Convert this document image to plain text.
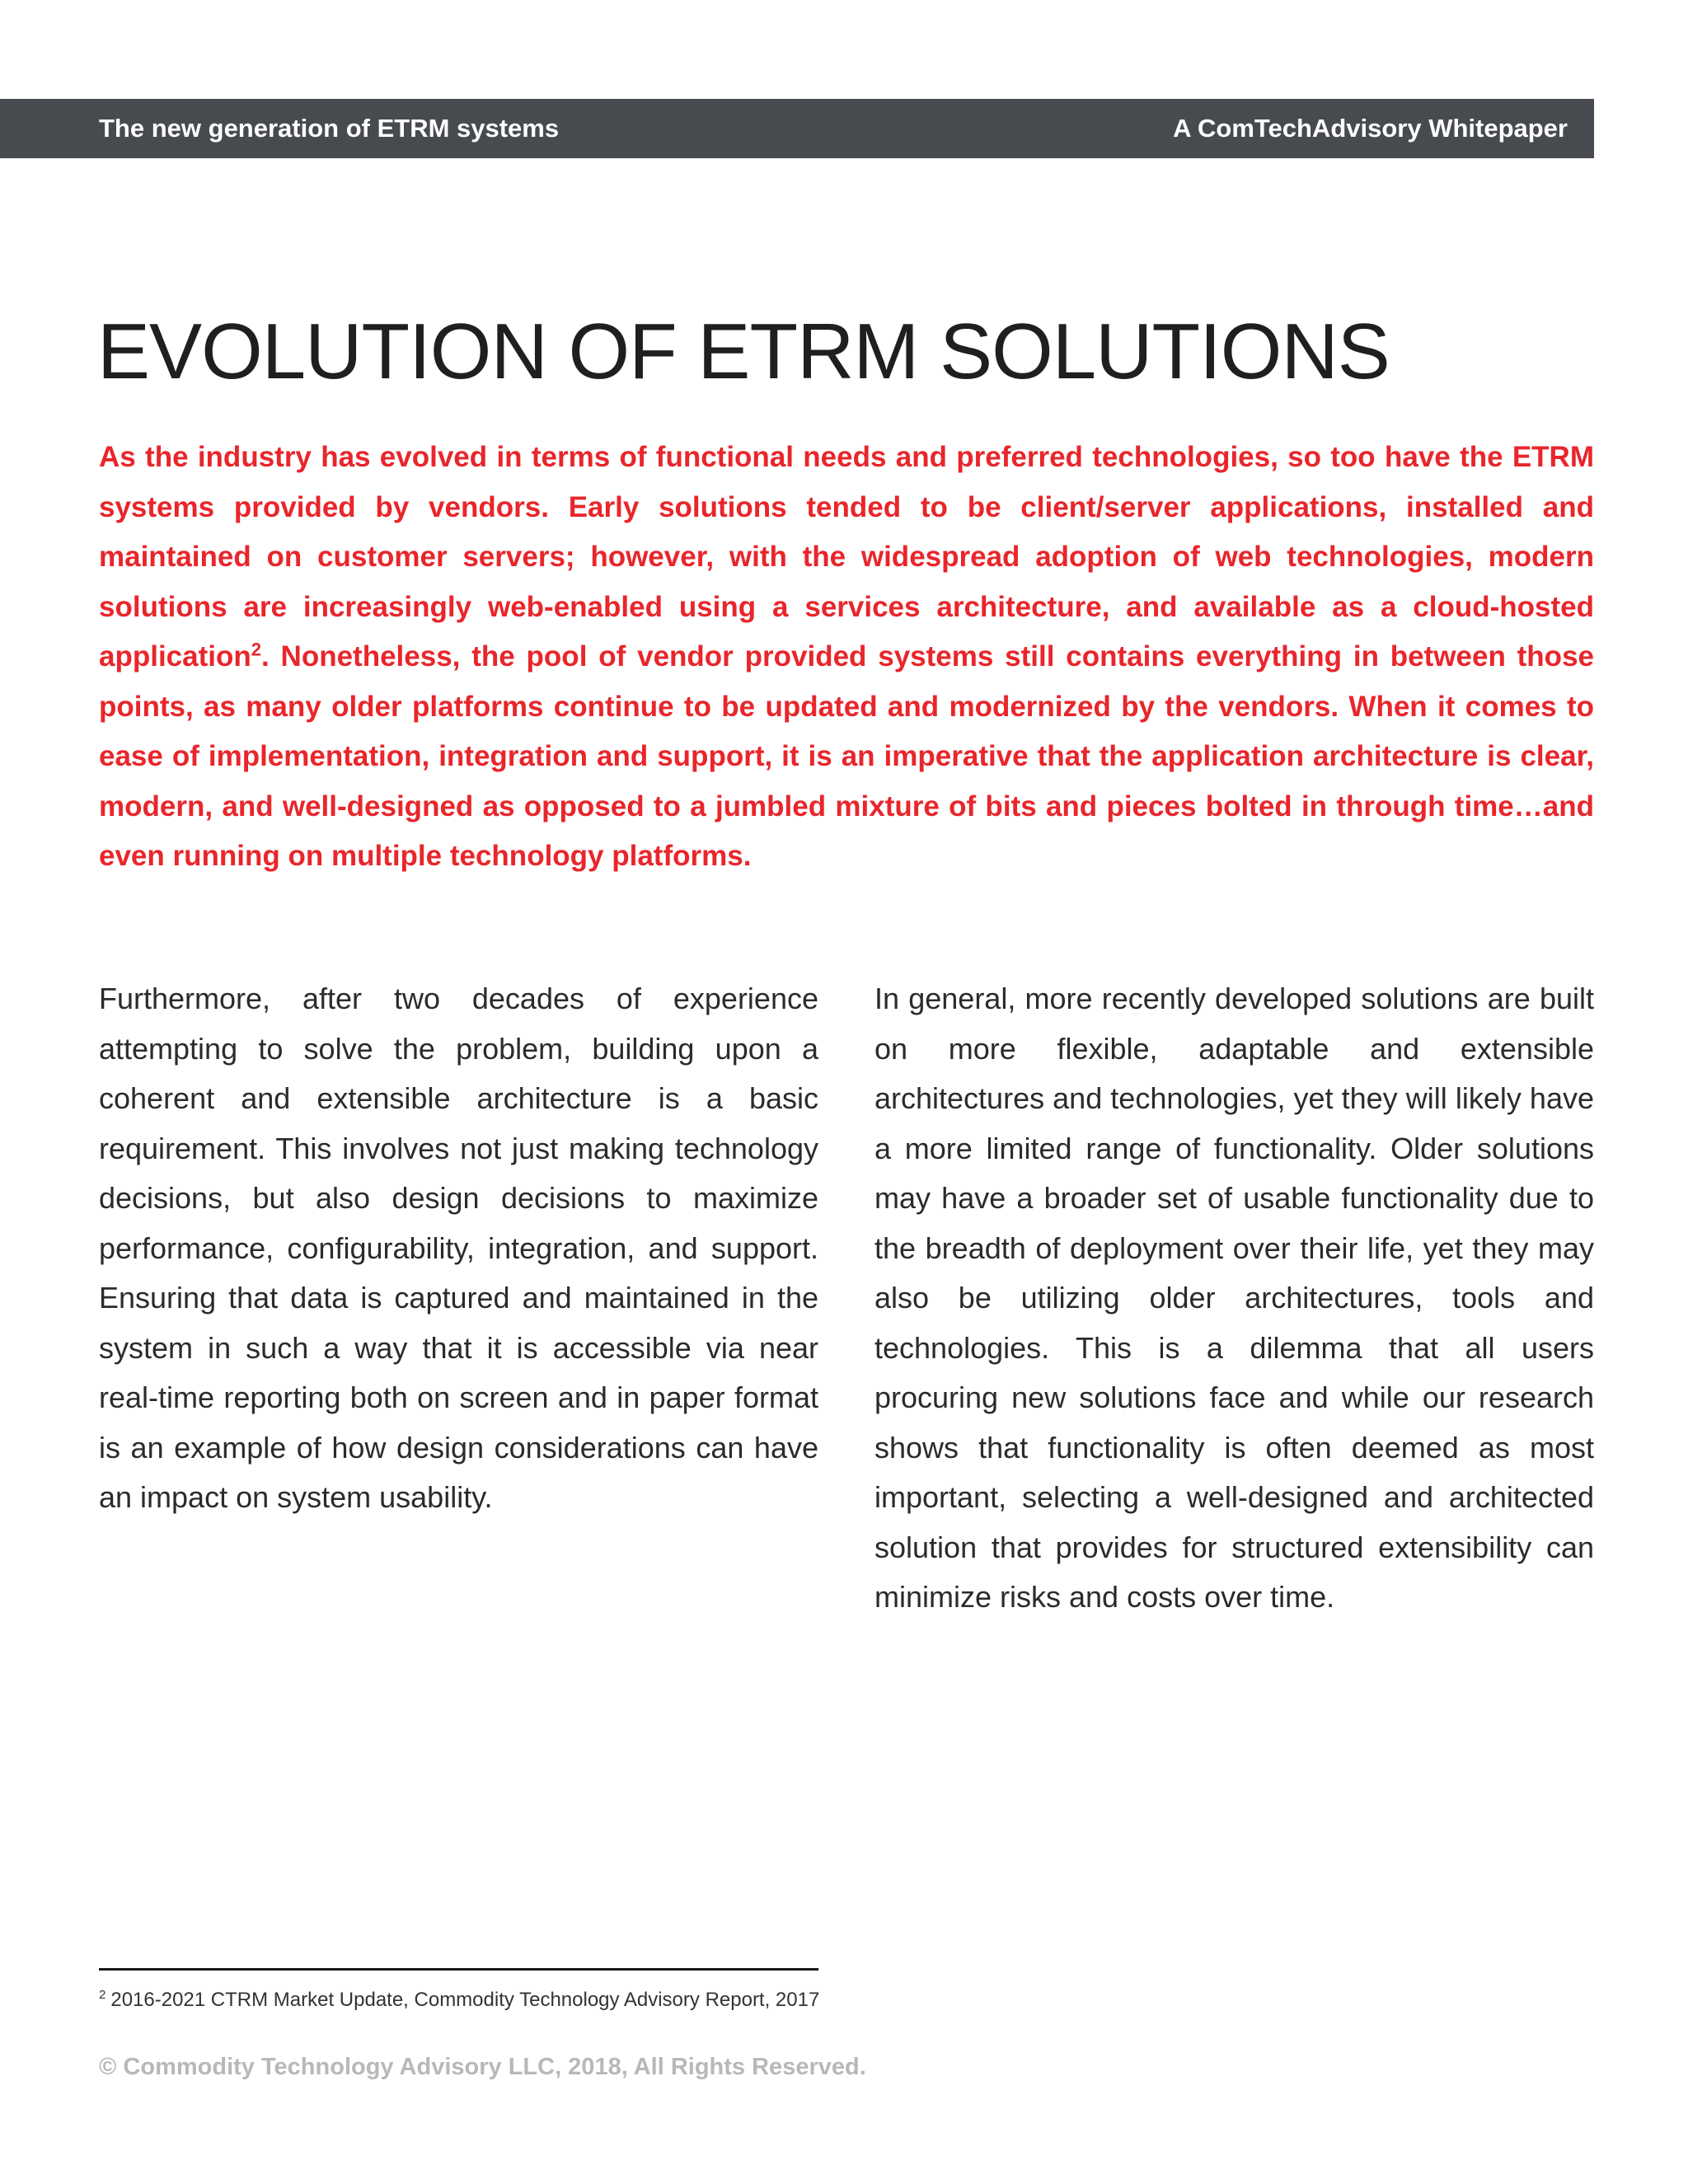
The new generation of ETRM systems	A ComTechAdvisory Whitepaper
EVOLUTION OF ETRM SOLUTIONS

As the industry has evolved in terms of functional needs and preferred technologies, so too have the ETRM systems provided by vendors. Early solutions tended to be client/server applications, installed and maintained on customer servers; however, with the widespread adoption of web technologies, modern solutions are increasingly web-enabled using a services architecture, and available as a cloud-hosted application$^2$. Nonetheless, the pool of vendor provided systems still contains everything in between those points, as many older platforms continue to be updated and modernized by the vendors. When it comes to ease of implementation, integration and support, it is an imperative that the application architecture is clear, modern, and well-designed as opposed to a jumbled mixture of bits and pieces bolted in through time…and even running on multiple technology platforms.

Furthermore, after two decades of experience attempting to solve the problem, building upon a coherent and extensible architecture is a basic requirement. This involves not just making technology decisions, but also design decisions to maximize performance, configurability, integration, and support. Ensuring that data is captured and maintained in the system in such a way that it is accessible via near real-time reporting both on screen and in paper format is an example of how design considerations can have an impact on system usability.

In general, more recently developed solutions are built on more flexible, adaptable and extensible architectures and technologies, yet they will likely have a more limited range of functionality. Older solutions may have a broader set of usable functionality due to the breadth of deployment over their life, yet they may also be utilizing older architectures, tools and technologies. This is a dilemma that all users procuring new solutions face and while our research shows that functionality is often deemed as most important, selecting a well-designed and architected solution that provides for structured extensibility can minimize risks and costs over time.

$^2$ 2016-2021 CTRM Market Update, Commodity Technology Advisory Report, 2017
© Commodity Technology Advisory LLC, 2018, All Rights Reserved.
